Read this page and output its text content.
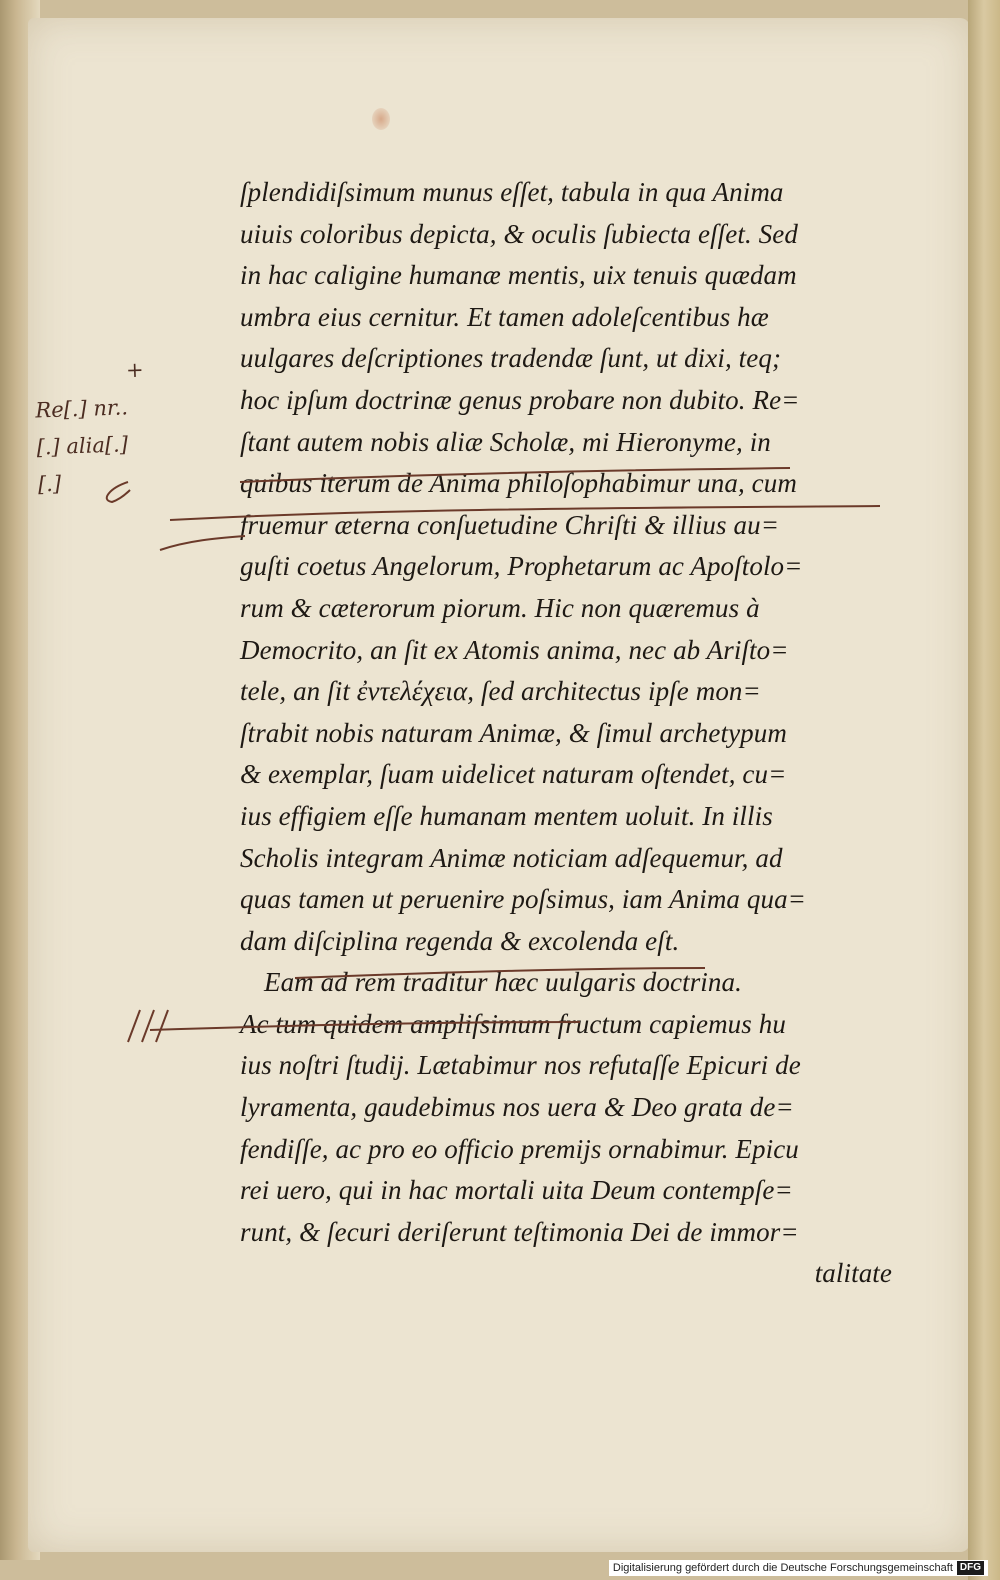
ſplendidiſsimum munus eſſet, tabula in qua Anima
uiuis coloribus depicta, & oculis ſubiecta eſſet. Sed
in hac caligine humanæ mentis, uix tenuis quædam
umbra eius cernitur. Et tamen adoleſcentibus hæ
uulgares deſcriptiones tradendæ ſunt, ut dixi, teq;
hoc ipſum doctrinæ genus probare non dubito. Re=
ſtant autem nobis aliæ Scholæ, mi Hieronyme, in
quibus iterum de Anima philoſophabimur una, cum
fruemur æterna conſuetudine Chriſti & illius au=
guſti coetus Angelorum, Prophetarum ac Apoſtolo=
rum & cæterorum piorum. Hic non quæremus à
Democrito, an ſit ex Atomis anima, nec ab Ariſto=
tele, an ſit ἐντελέχεια, ſed architectus ipſe mon=
ſtrabit nobis naturam Animæ, & ſimul archetypum
& exemplar, ſuam uidelicet naturam oſtendet, cu=
ius effigiem eſſe humanam mentem uoluit. In illis
Scholis integram Animæ noticiam adſequemur, ad
quas tamen ut peruenire poſsimus, iam Anima qua=
dam diſciplina regenda & excolenda eſt.
Eam ad rem traditur hæc uulgaris doctrina.
Ac tum quidem ampliſsimum fructum capiemus hu
ius noſtri ſtudij. Lætabimur nos refutaſſe Epicuri de
lyramenta, gaudebimus nos uera & Deo grata de=
fendiſſe, ac pro eo officio premijs ornabimur. Epicu
rei uero, qui in hac mortali uita Deum contempſe=
runt, & ſecuri deriſerunt teſtimonia Dei de immor=
talitate
+
Re[.] nr..
[.] alia[.]
[.]
Digitalisierung gefördert durch die Deutsche Forschungsgemeinschaft DFG
